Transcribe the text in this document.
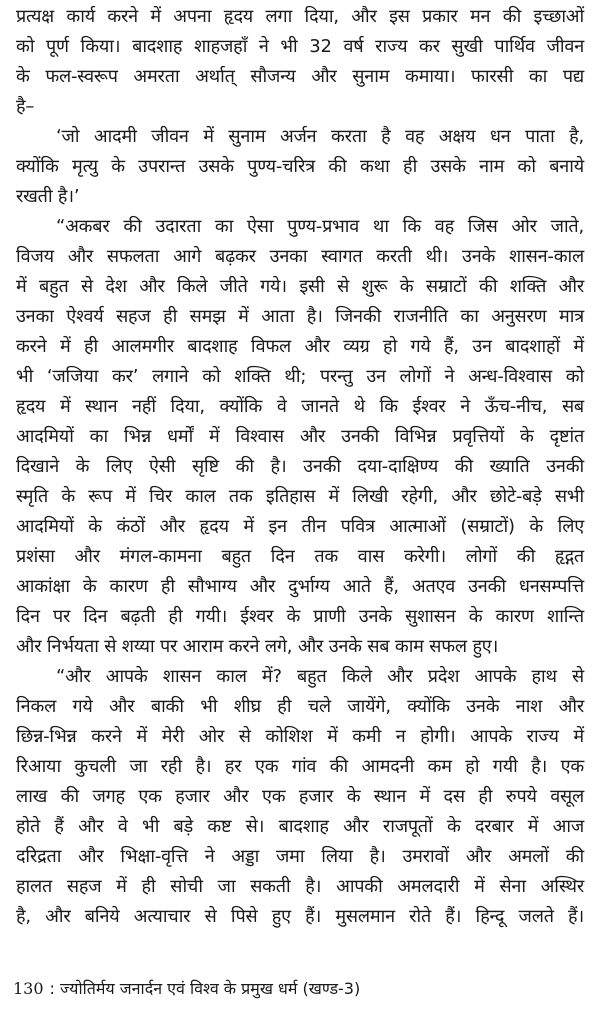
प्रत्यक्ष कार्य करने में अपना हृदय लगा दिया, और इस प्रकार मन की इच्छाओं
को पूर्ण किया। बादशाह शाहजहाँ ने भी 32 वर्ष राज्य कर सुखी पार्थिव जीवन
के फल-स्वरूप अमरता अर्थात् सौजन्य और सुनाम कमाया। फारसी का पद्य
है–
‘जो आदमी जीवन में सुनाम अर्जन करता है वह अक्षय धन पाता है,
क्योंकि मृत्यु के उपरान्त उसके पुण्य-चरित्र की कथा ही उसके नाम को बनाये
रखती है।’
“अकबर की उदारता का ऐसा पुण्य-प्रभाव था कि वह जिस ओर जाते,
विजय और सफलता आगे बढ़कर उनका स्वागत करती थी। उनके शासन-काल
में बहुत से देश और किले जीते गये। इसी से शुरू के सम्राटों की शक्ति और
उनका ऐश्वर्य सहज ही समझ में आता है। जिनकी राजनीति का अनुसरण मात्र
करने में ही आलमगीर बादशाह विफल और व्यग्र हो गये हैं, उन बादशाहों में
भी ‘जजिया कर’ लगाने को शक्ति थी; परन्तु उन लोगों ने अन्ध-विश्वास को
हृदय में स्थान नहीं दिया, क्योंकि वे जानते थे कि ईश्वर ने ऊँच-नीच, सब
आदमियों का भिन्न धर्मों में विश्वास और उनकी विभिन्न प्रवृत्तियों के दृष्टांत
दिखाने के लिए ऐसी सृष्टि की है। उनकी दया-दाक्षिण्य की ख्याति उनकी
स्मृति के रूप में चिर काल तक इतिहास में लिखी रहेगी, और छोटे-बड़े सभी
आदमियों के कंठों और हृदय में इन तीन पवित्र आत्माओं (सम्राटों) के लिए
प्रशंसा और मंगल-कामना बहुत दिन तक वास करेगी। लोगों की हृद्गत
आकांक्षा के कारण ही सौभाग्य और दुर्भाग्य आते हैं, अतएव उनकी धनसम्पत्ति
दिन पर दिन बढ़ती ही गयी। ईश्वर के प्राणी उनके सुशासन के कारण शान्ति
और निर्भयता से शय्या पर आराम करने लगे, और उनके सब काम सफल हुए।
“और आपके शासन काल में? बहुत किले और प्रदेश आपके हाथ से
निकल गये और बाकी भी शीघ्र ही चले जायेंगे, क्योंकि उनके नाश और
छिन्न-भिन्न करने में मेरी ओर से कोशिश में कमी न होगी। आपके राज्य में
रिआया कुचली जा रही है। हर एक गांव की आमदनी कम हो गयी है। एक
लाख की जगह एक हजार और एक हजार के स्थान में दस ही रुपये वसूल
होते हैं और वे भी बड़े कष्ट से। बादशाह और राजपूतों के दरबार में आज
दरिद्रता और भिक्षा-वृत्ति ने अड्डा जमा लिया है। उमरावों और अमलों की
हालत सहज में ही सोची जा सकती है। आपकी अमलदारी में सेना अस्थिर
है, और बनिये अत्याचार से पिसे हुए हैं। मुसलमान रोते हैं। हिन्दू जलते हैं।
130 : ज्योतिर्मय जनार्दन एवं विश्व के प्रमुख धर्म (खण्ड-3)
